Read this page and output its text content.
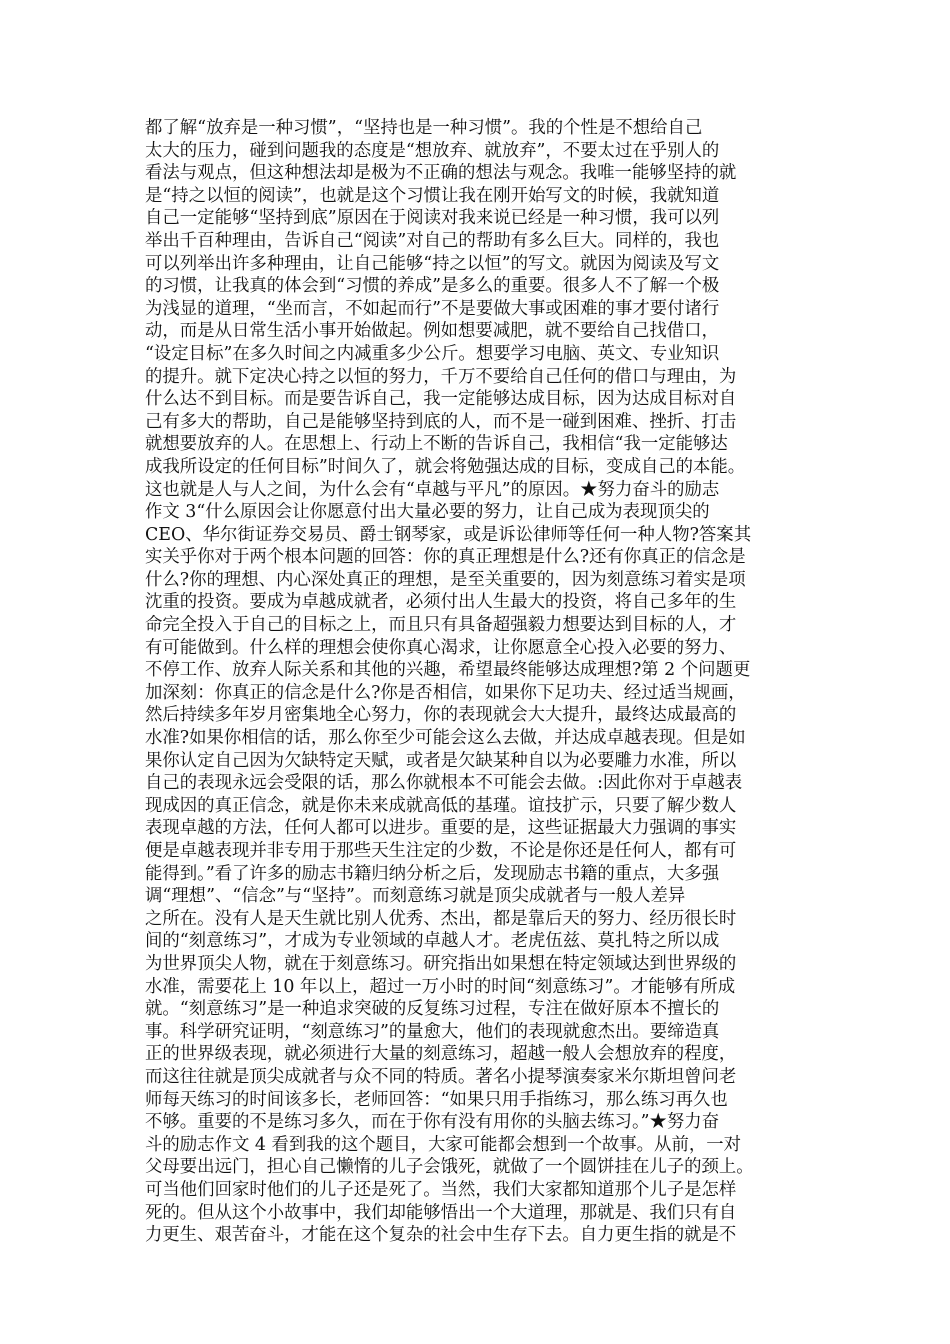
都了解“放弃是一种习惯”，“坚持也是一种习惯”。我的个性是不想给自己
太大的压力，碰到问题我的态度是“想放弃、就放弃”，不要太过在乎别人的
看法与观点，但这种想法却是极为不正确的想法与观念。我唯一能够坚持的就
是“持之以恒的阅读”，也就是这个习惯让我在刚开始写文的时候，我就知道
自己一定能够“坚持到底”原因在于阅读对我来说已经是一种习惯，我可以列
举出千百种理由，告诉自己“阅读”对自己的帮助有多么巨大。同样的，我也
可以列举出许多种理由，让自己能够“持之以恒”的写文。就因为阅读及写文
的习惯，让我真的体会到“习惯的养成”是多么的重要。很多人不了解一个极
为浅显的道理，“坐而言，不如起而行”不是要做大事或困难的事才要付诸行
动，而是从日常生活小事开始做起。例如想要减肥，就不要给自己找借口，
“设定目标”在多久时间之内减重多少公斤。想要学习电脑、英文、专业知识
的提升。就下定决心持之以恒的努力，千万不要给自己任何的借口与理由，为
什么达不到目标。而是要告诉自己，我一定能够达成目标，因为达成目标对自
己有多大的帮助，自己是能够坚持到底的人，而不是一碰到困难、挫折、打击
就想要放弃的人。在思想上、行动上不断的告诉自己，我相信“我一定能够达
成我所设定的任何目标”时间久了，就会将勉强达成的目标，变成自己的本能。
这也就是人与人之间，为什么会有“卓越与平凡”的原因。★努力奋斗的励志
作文 3“什么原因会让你愿意付出大量必要的努力，让自己成为表现顶尖的
CEO、华尔街证券交易员、爵士钢琴家，或是诉讼律师等任何一种人物?答案其
实关乎你对于两个根本问题的回答：你的真正理想是什么?还有你真正的信念是
什么?你的理想、内心深处真正的理想，是至关重要的，因为刻意练习着实是项
沈重的投资。要成为卓越成就者，必须付出人生最大的投资，将自己多年的生
命完全投入于自己的目标之上，而且只有具备超强毅力想要达到目标的人，才
有可能做到。什么样的理想会使你真心渴求，让你愿意全心投入必要的努力、
不停工作、放弃人际关系和其他的兴趣，希望最终能够达成理想?第 2 个问题更
加深刻：你真正的信念是什么?你是否相信，如果你下足功夫、经过适当规画，
然后持续多年岁月密集地全心努力，你的表现就会大大提升，最终达成最高的
水准?如果你相信的话，那么你至少可能会这么去做，并达成卓越表现。但是如
果你认定自己因为欠缺特定天赋，或者是欠缺某种自以为必要雕力水准，所以
自己的表现永远会受限的话，那么你就根本不可能会去做。:因此你对于卓越表
现成因的真正信念，就是你未来成就高低的基瑾。谊技扩示，只要了解少数人
表现卓越的方法，任何人都可以进步。重要的是，这些证据最大力强调的事实
便是卓越表现并非专用于那些天生注定的少数，不论是你还是任何人，都有可
能得到。”看了许多的励志书籍归纳分析之后，发现励志书籍的重点，大多强
调“理想”、“信念”与“坚持”。而刻意练习就是顶尖成就者与一般人差异
之所在。没有人是天生就比别人优秀、杰出，都是靠后天的努力、经历很长时
间的“刻意练习”，才成为专业领域的卓越人才。老虎伍兹、莫扎特之所以成
为世界顶尖人物，就在于刻意练习。研究指出如果想在特定领域达到世界级的
水准，需要花上 10 年以上，超过一万小时的时间“刻意练习”。才能够有所成
就。“刻意练习”是一种追求突破的反复练习过程，专注在做好原本不擅长的
事。科学研究证明，“刻意练习”的量愈大，他们的表现就愈杰出。要缔造真
正的世界级表现，就必须进行大量的刻意练习，超越一般人会想放弃的程度，
而这往往就是顶尖成就者与众不同的特质。著名小提琴演奏家米尔斯坦曾问老
师每天练习的时间该多长，老师回答：“如果只用手指练习，那么练习再久也
不够。重要的不是练习多久，而在于你有没有用你的头脑去练习。”★努力奋
斗的励志作文 4 看到我的这个题目，大家可能都会想到一个故事。从前，一对
父母要出远门，担心自己懒惰的儿子会饿死，就做了一个圆饼挂在儿子的颈上。
可当他们回家时他们的儿子还是死了。当然，我们大家都知道那个儿子是怎样
死的。但从这个小故事中，我们却能够悟出一个大道理，那就是、我们只有自
力更生、艰苦奋斗，才能在这个复杂的社会中生存下去。自力更生指的就是不
